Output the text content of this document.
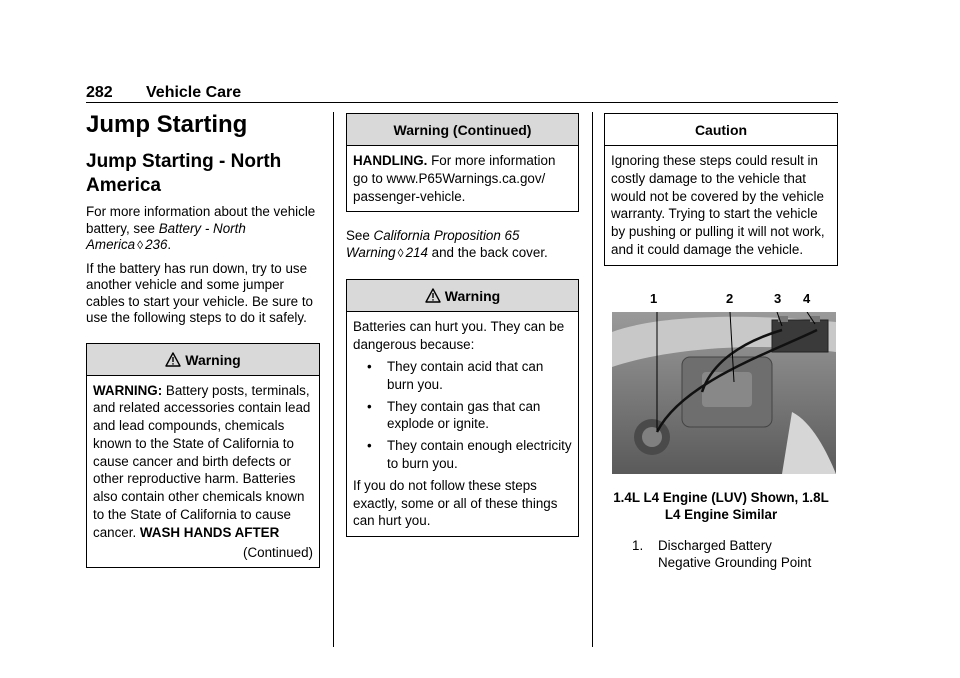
282 Vehicle Care
Jump Starting
Jump Starting - North America

For more information about the vehicle battery, see Battery - North America ◊ 236.

If the battery has run down, try to use another vehicle and some jumper cables to start your vehicle. Be sure to use the following steps to do it safely.

Warning
WARNING: Battery posts, terminals, and related accessories contain lead and lead compounds, chemicals known to the State of California to cause cancer and birth defects or other reproductive harm. Batteries also contain other chemicals known to the State of California to cause cancer. WASH HANDS AFTER
(Continued)
Warning (Continued)
HANDLING. For more information go to www.P65Warnings.ca.gov/ passenger-vehicle.

See California Proposition 65 Warning ◊ 214 and the back cover.

Warning
Batteries can hurt you. They can be dangerous because:
• They contain acid that can burn you.
• They contain gas that can explode or ignite.
• They contain enough electricity to burn you.
If you do not follow these steps exactly, some or all of these things can hurt you.
Caution
Ignoring these steps could result in costly damage to the vehicle that would not be covered by the vehicle warranty. Trying to start the vehicle by pushing or pulling it will not work, and it could damage the vehicle.
1.4L L4 Engine (LUV) Shown, 1.8L L4 Engine Similar
1. Discharged Battery
Negative Grounding Point
1	2	3 4
